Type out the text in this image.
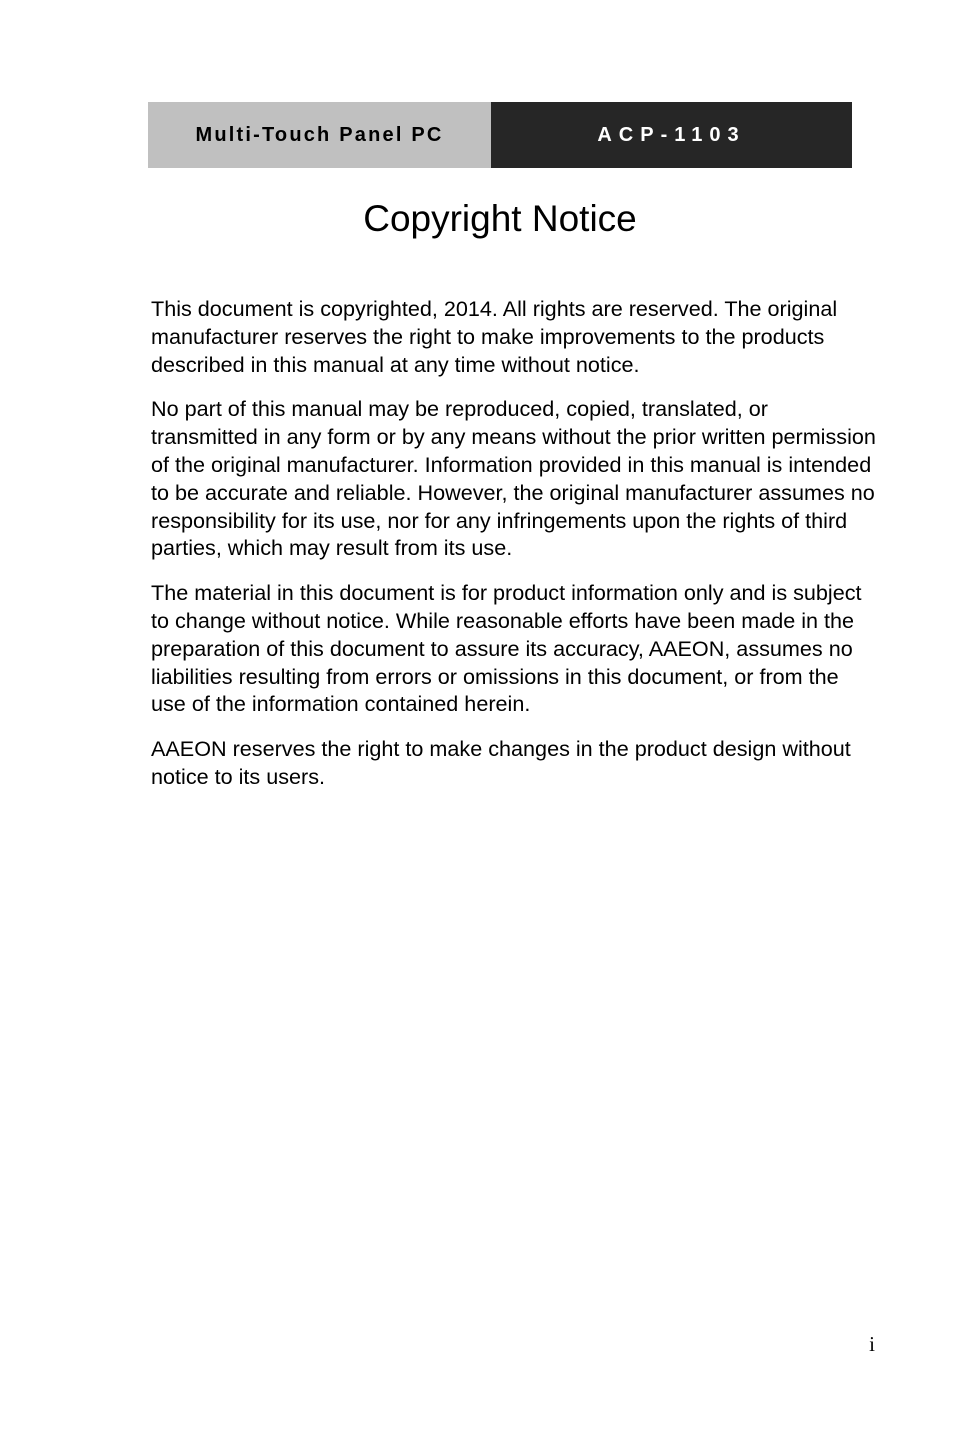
Multi-Touch Panel PC	ACP-1103
Copyright Notice

This document is copyrighted, 2014. All rights are reserved. The original manufacturer reserves the right to make improvements to the products described in this manual at any time without notice.

No part of this manual may be reproduced, copied, translated, or transmitted in any form or by any means without the prior written permission of the original manufacturer. Information provided in this manual is intended to be accurate and reliable. However, the original manufacturer assumes no responsibility for its use, nor for any infringements upon the rights of third parties, which may result from its use.

The material in this document is for product information only and is subject to change without notice. While reasonable efforts have been made in the preparation of this document to assure its accuracy, AAEON, assumes no liabilities resulting from errors or omissions in this document, or from the use of the information contained herein.

AAEON reserves the right to make changes in the product design without notice to its users.

i
